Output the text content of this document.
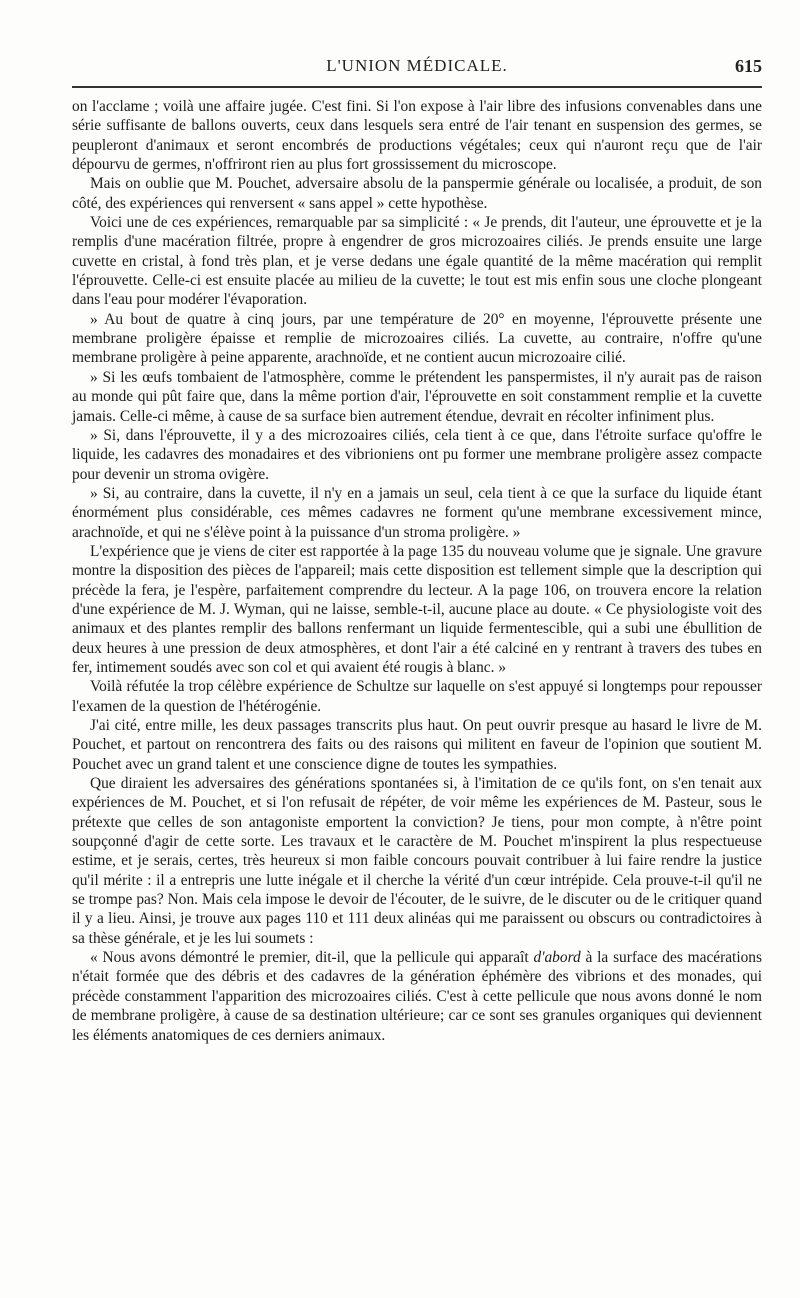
L'UNION MÉDICALE.	615

on l'acclame ; voilà une affaire jugée. C'est fini. Si l'on expose à l'air libre des infusions convenables dans une série suffisante de ballons ouverts, ceux dans lesquels sera entré de l'air tenant en suspension des germes, se peupleront d'animaux et seront encombrés de productions végétales; ceux qui n'auront reçu que de l'air dépourvu de germes, n'offriront rien au plus fort grossissement du microscope.

Mais on oublie que M. Pouchet, adversaire absolu de la panspermie générale ou localisée, a produit, de son côté, des expériences qui renversent « sans appel » cette hypothèse.

Voici une de ces expériences, remarquable par sa simplicité : « Je prends, dit l'auteur, une éprouvette et je la remplis d'une macération filtrée, propre à engendrer de gros microzoaires ciliés. Je prends ensuite une large cuvette en cristal, à fond très plan, et je verse dedans une égale quantité de la même macération qui remplit l'éprouvette. Celle-ci est ensuite placée au milieu de la cuvette; le tout est mis enfin sous une cloche plongeant dans l'eau pour modérer l'évaporation.

» Au bout de quatre à cinq jours, par une température de 20° en moyenne, l'éprouvette présente une membrane proligère épaisse et remplie de microzoaires ciliés. La cuvette, au contraire, n'offre qu'une membrane proligère à peine apparente, arachnoïde, et ne contient aucun microzoaire cilié.

» Si les œufs tombaient de l'atmosphère, comme le prétendent les panspermistes, il n'y aurait pas de raison au monde qui pût faire que, dans la même portion d'air, l'éprouvette en soit constamment remplie et la cuvette jamais. Celle-ci même, à cause de sa surface bien autrement étendue, devrait en récolter infiniment plus.

» Si, dans l'éprouvette, il y a des microzoaires ciliés, cela tient à ce que, dans l'étroite surface qu'offre le liquide, les cadavres des monadaires et des vibrioniens ont pu former une membrane proligère assez compacte pour devenir un stroma ovigère.

» Si, au contraire, dans la cuvette, il n'y en a jamais un seul, cela tient à ce que la surface du liquide étant énormément plus considérable, ces mêmes cadavres ne forment qu'une membrane excessivement mince, arachnoïde, et qui ne s'élève point à la puissance d'un stroma proligère. »

L'expérience que je viens de citer est rapportée à la page 135 du nouveau volume que je signale. Une gravure montre la disposition des pièces de l'appareil; mais cette disposition est tellement simple que la description qui précède la fera, je l'espère, parfaitement comprendre du lecteur. A la page 106, on trouvera encore la relation d'une expérience de M. J. Wyman, qui ne laisse, semble-t-il, aucune place au doute. « Ce physiologiste voit des animaux et des plantes remplir des ballons renfermant un liquide fermentescible, qui a subi une ébullition de deux heures à une pression de deux atmosphères, et dont l'air a été calciné en y rentrant à travers des tubes en fer, intimement soudés avec son col et qui avaient été rougis à blanc. »

Voilà réfutée la trop célèbre expérience de Schultze sur laquelle on s'est appuyé si longtemps pour repousser l'examen de la question de l'hétérogénie.

J'ai cité, entre mille, les deux passages transcrits plus haut. On peut ouvrir presque au hasard le livre de M. Pouchet, et partout on rencontrera des faits ou des raisons qui militent en faveur de l'opinion que soutient M. Pouchet avec un grand talent et une conscience digne de toutes les sympathies.

Que diraient les adversaires des générations spontanées si, à l'imitation de ce qu'ils font, on s'en tenait aux expériences de M. Pouchet, et si l'on refusait de répéter, de voir même les expériences de M. Pasteur, sous le prétexte que celles de son antagoniste emportent la conviction? Je tiens, pour mon compte, à n'être point soupçonné d'agir de cette sorte. Les travaux et le caractère de M. Pouchet m'inspirent la plus respectueuse estime, et je serais, certes, très heureux si mon faible concours pouvait contribuer à lui faire rendre la justice qu'il mérite : il a entrepris une lutte inégale et il cherche la vérité d'un cœur intrépide. Cela prouve-t-il qu'il ne se trompe pas? Non. Mais cela impose le devoir de l'écouter, de le suivre, de le discuter ou de le critiquer quand il y a lieu. Ainsi, je trouve aux pages 110 et 111 deux alinéas qui me paraissent ou obscurs ou contradictoires à sa thèse générale, et je les lui soumets :

« Nous avons démontré le premier, dit-il, que la pellicule qui apparaît d'abord à la surface des macérations n'était formée que des débris et des cadavres de la génération éphémère des vibrions et des monades, qui précède constamment l'apparition des microzoaires ciliés. C'est à cette pellicule que nous avons donné le nom de membrane proligère, à cause de sa destination ultérieure; car ce sont ses granules organiques qui deviennent les éléments anatomiques de ces derniers animaux.
